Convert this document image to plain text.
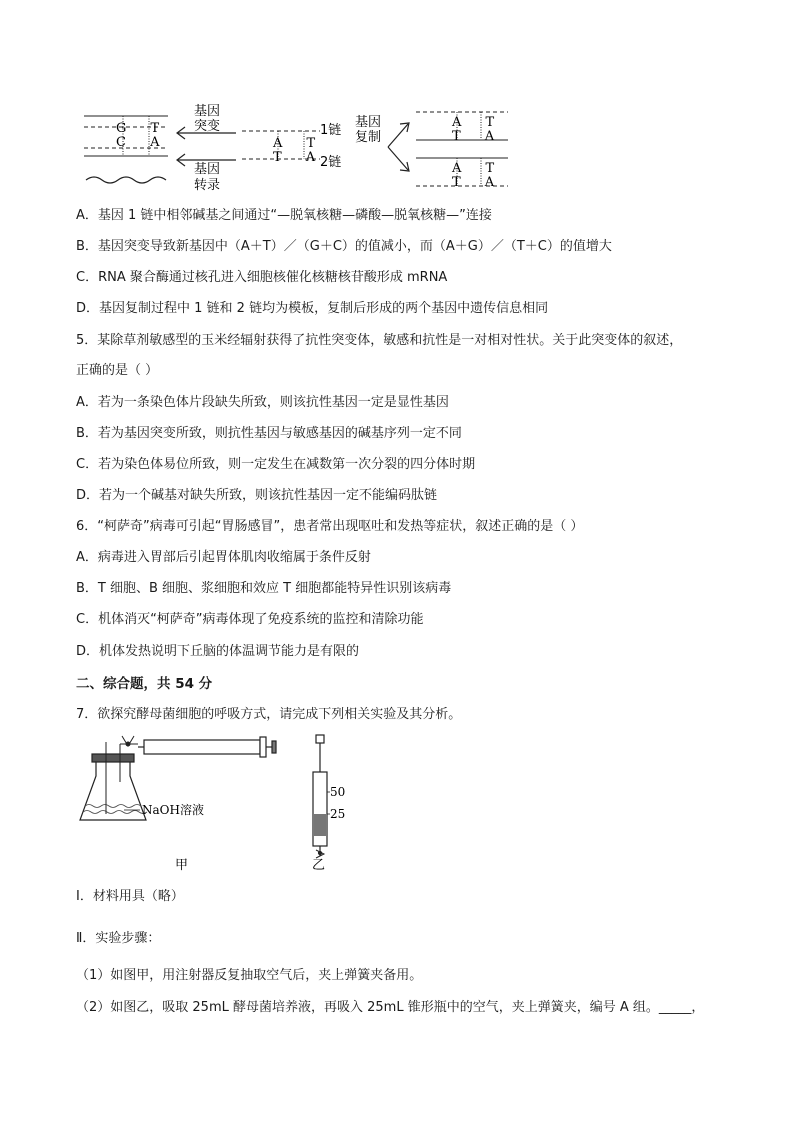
G T
C A
基因
突变
基因
转录
A T
T A
1链
2链
基因
复制
A T
T A
A T
T A
A．基因 1 链中相邻碱基之间通过“—脱氧核糖—磷酸—脱氧核糖—”连接
B．基因突变导致新基因中（A＋T）／（G＋C）的值减小，而（A＋G）／（T＋C）的值增大
C．RNA 聚合酶通过核孔进入细胞核催化核糖核苷酸形成 mRNA
D．基因复制过程中 1 链和 2 链均为模板，复制后形成的两个基因中遗传信息相同
5．某除草剂敏感型的玉米经辐射获得了抗性突变体，敏感和抗性是一对相对性状。关于此突变体的叙述，
正确的是（ ）
A．若为一条染色体片段缺失所致，则该抗性基因一定是显性基因
B．若为基因突变所致，则抗性基因与敏感基因的碱基序列一定不同
C．若为染色体易位所致，则一定发生在减数第一次分裂的四分体时期
D．若为一个碱基对缺失所致，则该抗性基因一定不能编码肽链
6．“柯萨奇”病毒可引起“胃肠感冒”，患者常出现呕吐和发热等症状，叙述正确的是（ ）
A．病毒进入胃部后引起胃体肌肉收缩属于条件反射
B．T 细胞、B 细胞、浆细胞和效应 T 细胞都能特异性识别该病毒
C．机体消灭“柯萨奇”病毒体现了免疫系统的监控和清除功能
D．机体发热说明下丘脑的体温调节能力是有限的
二、综合题，共 54 分
7．欲探究酵母菌细胞的呼吸方式，请完成下列相关实验及其分析。
NaOH溶液
甲
50
25
乙
Ⅰ．材料用具（略）
Ⅱ．实验步骤：
（1）如图甲，用注射器反复抽取空气后，夹上弹簧夹备用。
（2）如图乙，吸取 25mL 酵母菌培养液，再吸入 25mL 锥形瓶中的空气，夹上弹簧夹，编号 A 组。_____，
